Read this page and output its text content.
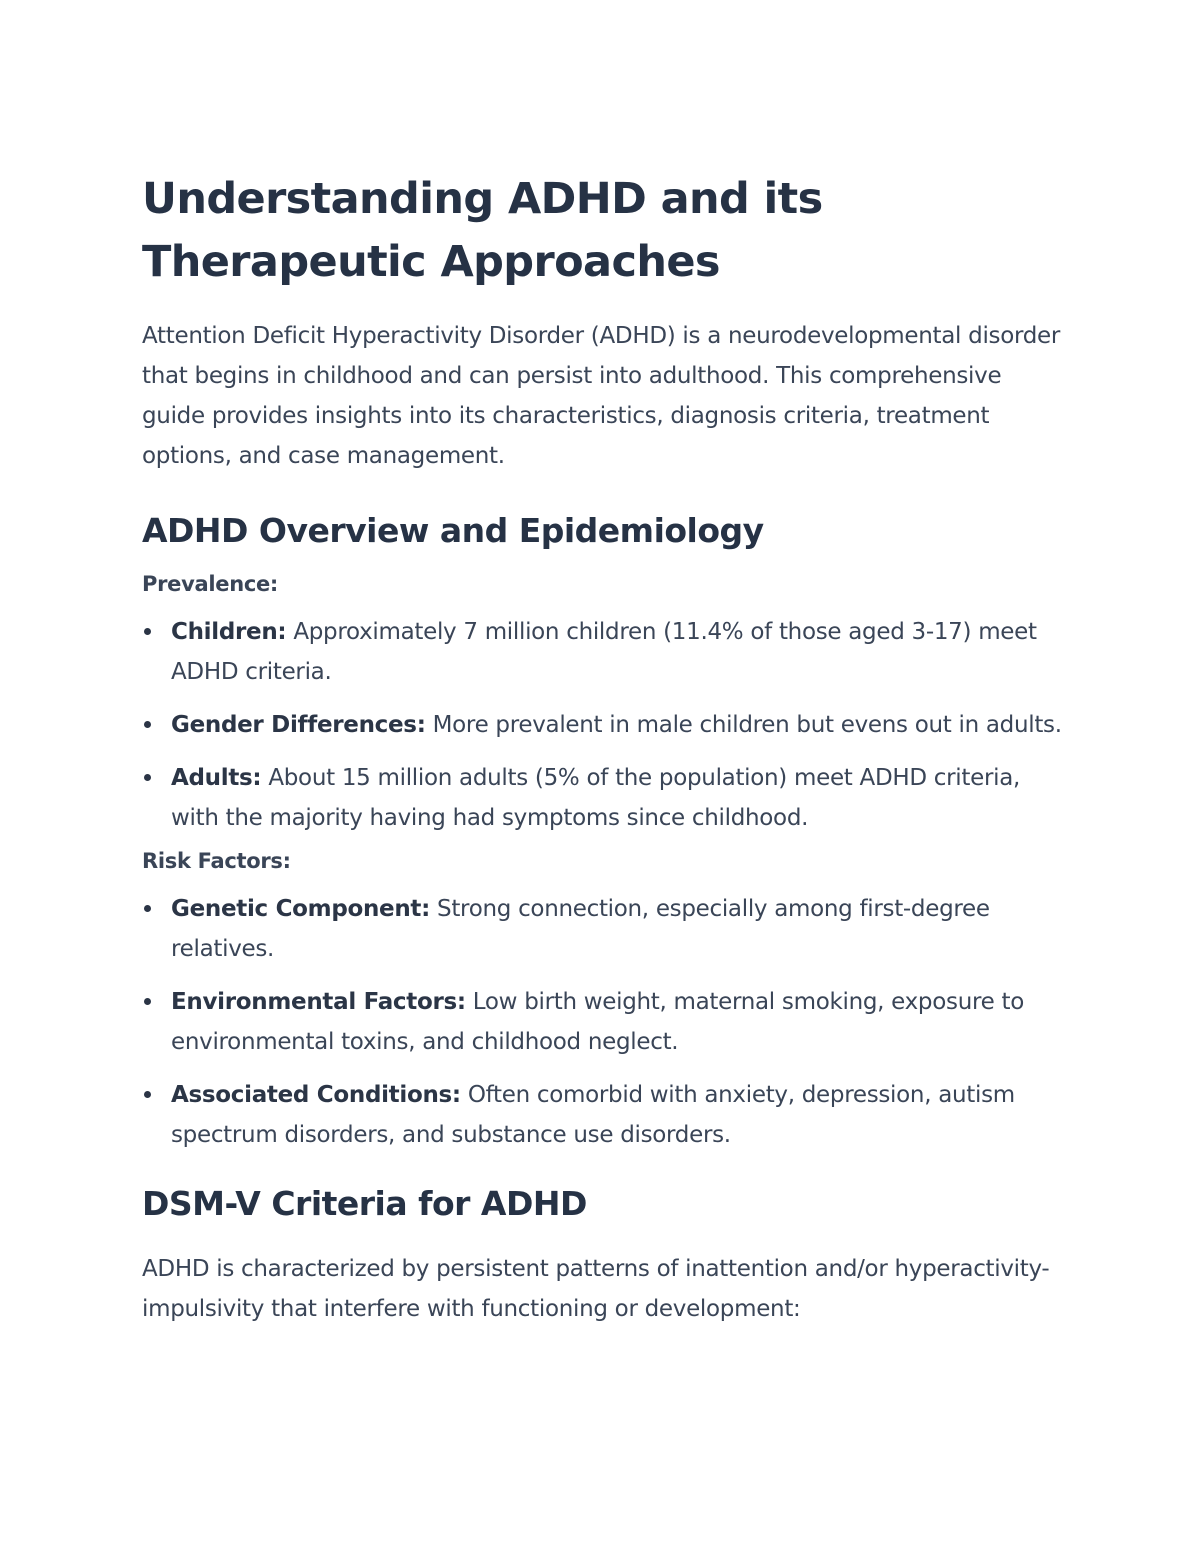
Understanding ADHD and its
Therapeutic Approaches

Attention Deficit Hyperactivity Disorder (ADHD) is a neurodevelopmental disorder that begins in childhood and can persist into adulthood. This comprehensive guide provides insights into its characteristics, diagnosis criteria, treatment options, and case management.

ADHD Overview and Epidemiology
Prevalence:
Children: Approximately 7 million children (11.4% of those aged 3-17) meet ADHD criteria.
Gender Differences: More prevalent in male children but evens out in adults.
Adults: About 15 million adults (5% of the population) meet ADHD criteria, with the majority having had symptoms since childhood.
Risk Factors:
Genetic Component: Strong connection, especially among first-degree relatives.
Environmental Factors: Low birth weight, maternal smoking, exposure to environmental toxins, and childhood neglect.
Associated Conditions: Often comorbid with anxiety, depression, autism spectrum disorders, and substance use disorders.
DSM-V Criteria for ADHD

ADHD is characterized by persistent patterns of inattention and/or hyperactivity-impulsivity that interfere with functioning or development:
